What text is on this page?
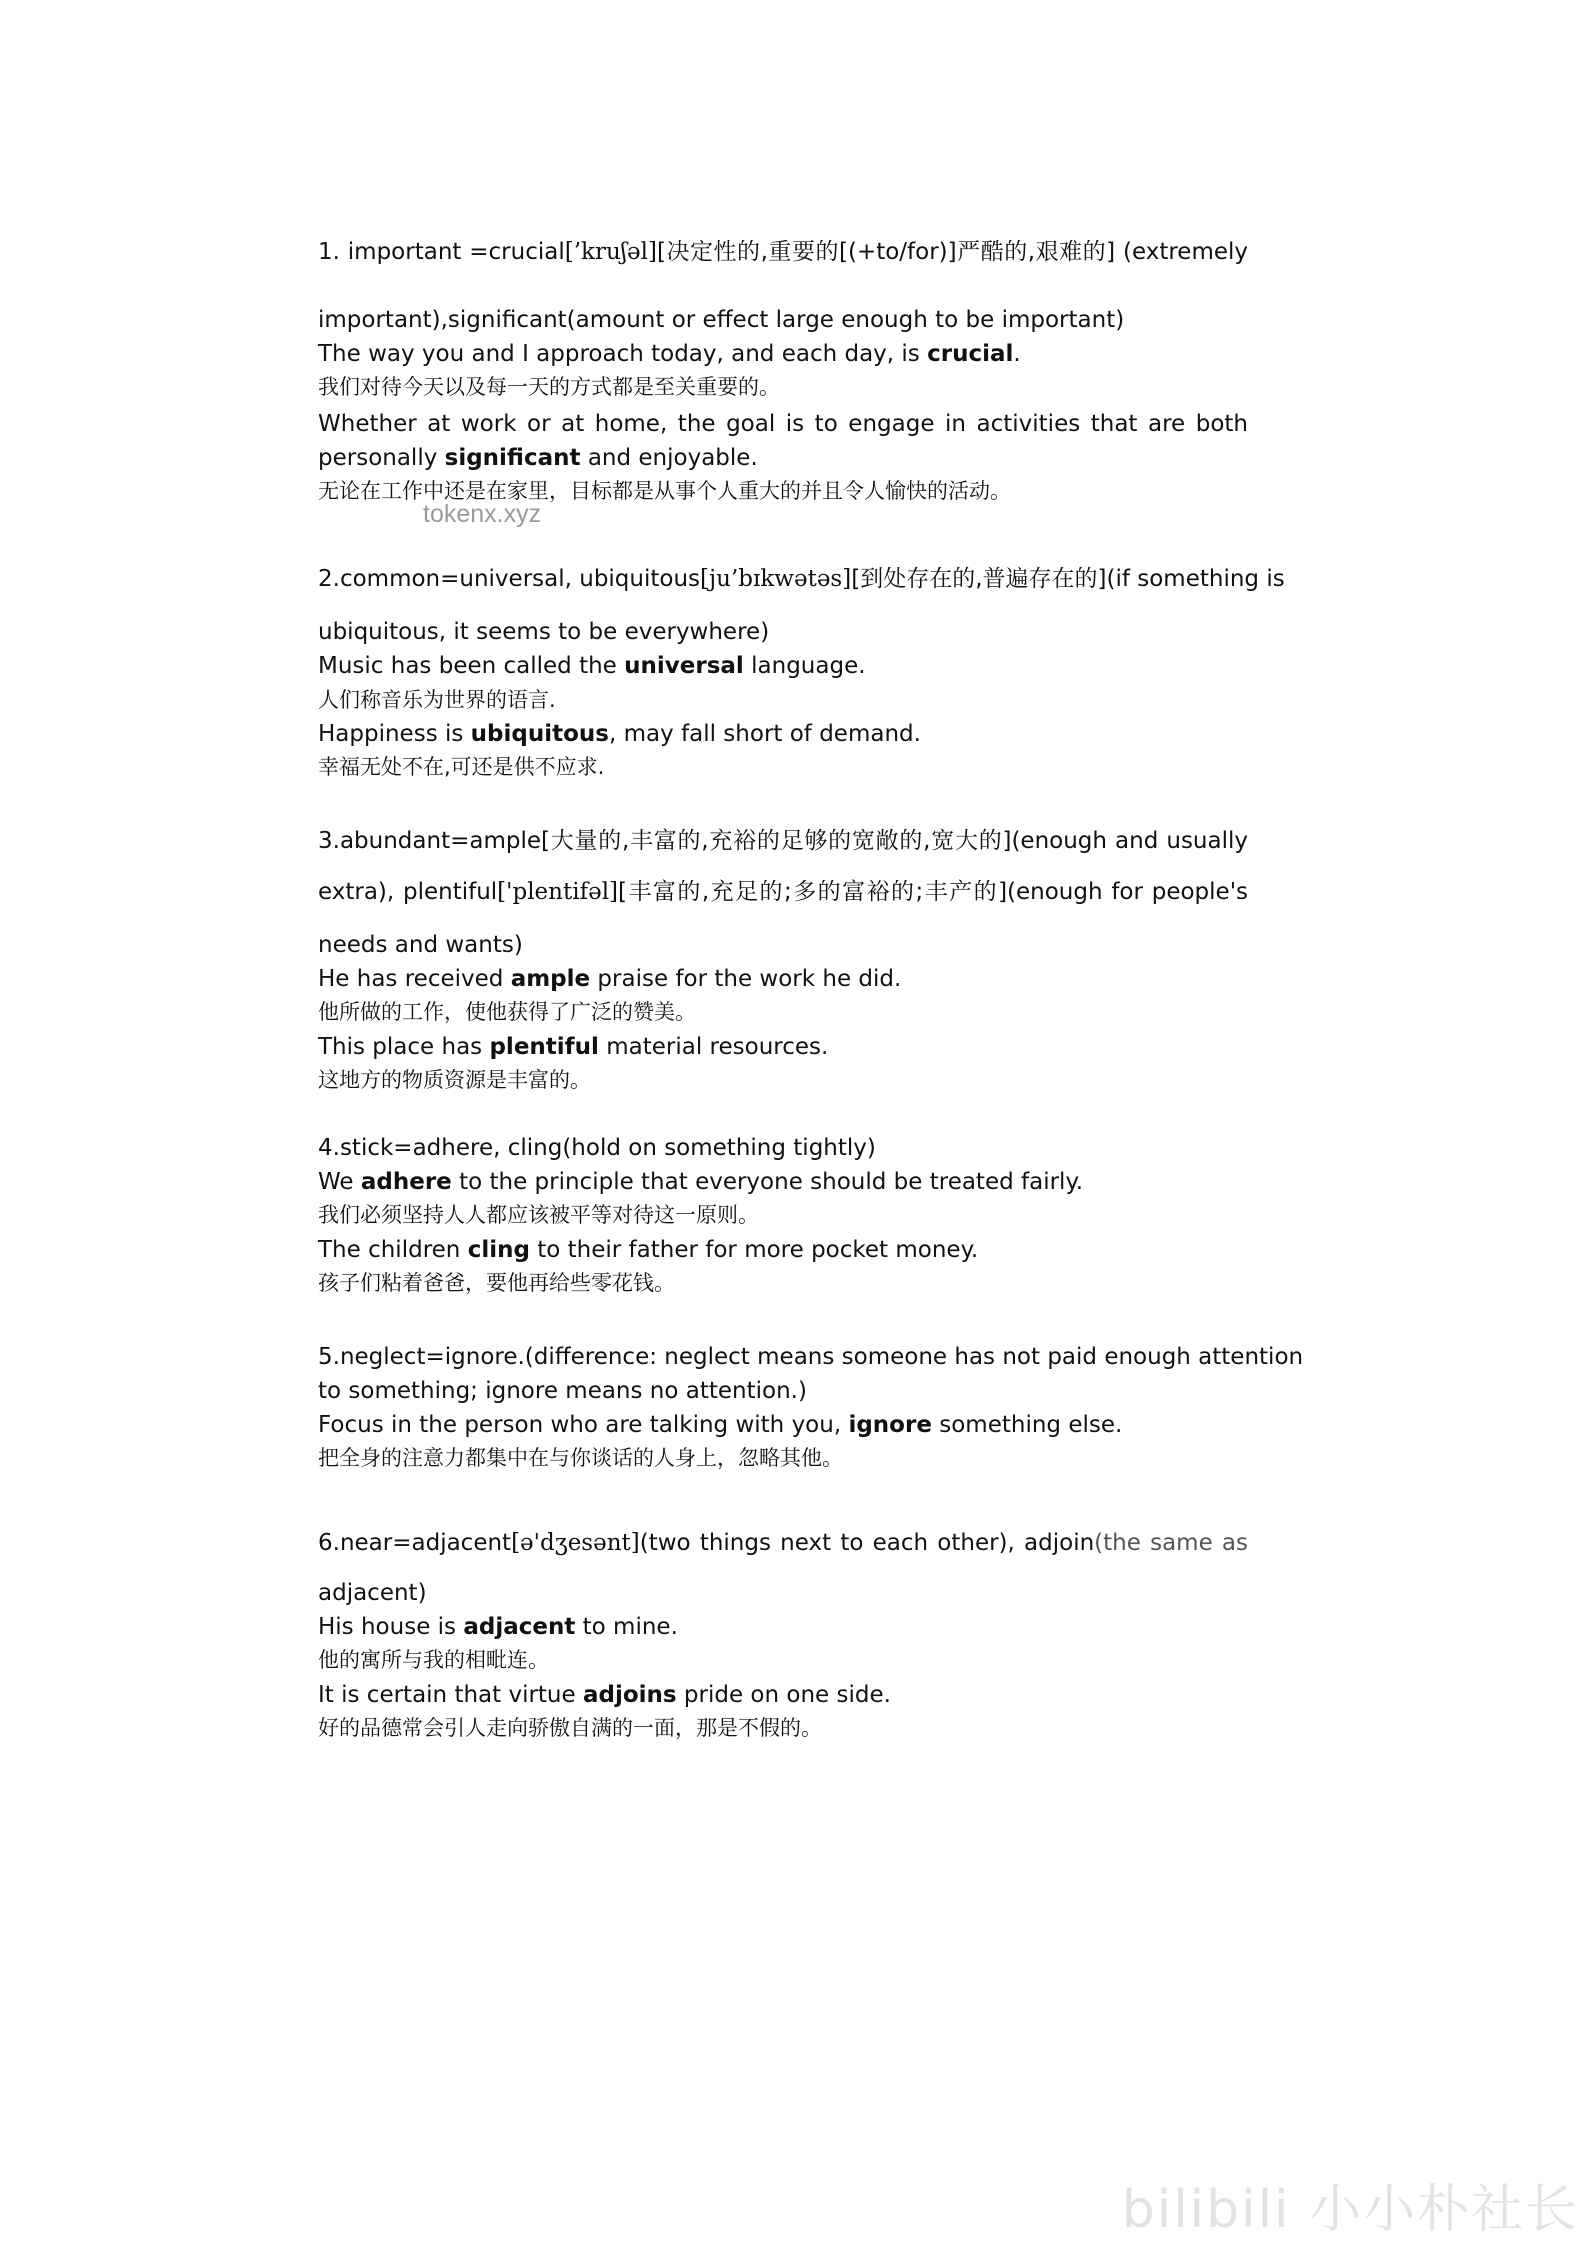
1. important =crucial[’kruʃəl][决定性的,重要的[(+to/for)]严酷的,艰难的] (extremely
important),significant(amount or effect large enough to be important)
The way you and I approach today, and each day, is crucial.
我们对待今天以及每一天的方式都是至关重要的。
Whether at work or at home, the goal is to engage in activities that are both
personally significant and enjoyable.
无论在工作中还是在家里，目标都是从事个人重大的并且令人愉快的活动。
tokenx.xyz
2.common=universal, ubiquitous[ju’bɪkwətəs][到处存在的,普遍存在的](if something is
ubiquitous, it seems to be everywhere)
Music has been called the universal language.
人们称音乐为世界的语言.
Happiness is ubiquitous, may fall short of demand.
幸福无处不在,可还是供不应求.
3.abundant=ample[大量的,丰富的,充裕的足够的宽敞的,宽大的](enough and usually
extra), plentiful['plentifəl][丰富的,充足的;多的富裕的;丰产的](enough for people's
needs and wants)
He has received ample praise for the work he did.
他所做的工作，使他获得了广泛的赞美。
This place has plentiful material resources.
这地方的物质资源是丰富的。
4.stick=adhere, cling(hold on something tightly)
We adhere to the principle that everyone should be treated fairly.
我们必须坚持人人都应该被平等对待这一原则。
The children cling to their father for more pocket money.
孩子们粘着爸爸，要他再给些零花钱。
5.neglect=ignore.(difference: neglect means someone has not paid enough attention
to something; ignore means no attention.)
Focus in the person who are talking with you, ignore something else.
把全身的注意力都集中在与你谈话的人身上，忽略其他。
6.near=adjacent[ə'dʒesənt](two things next to each other), adjoin(the same as
adjacent)
His house is adjacent to mine.
他的寓所与我的相毗连。
It is certain that virtue adjoins pride on one side.
好的品德常会引人走向骄傲自满的一面，那是不假的。
bilibili 小小朴社长
